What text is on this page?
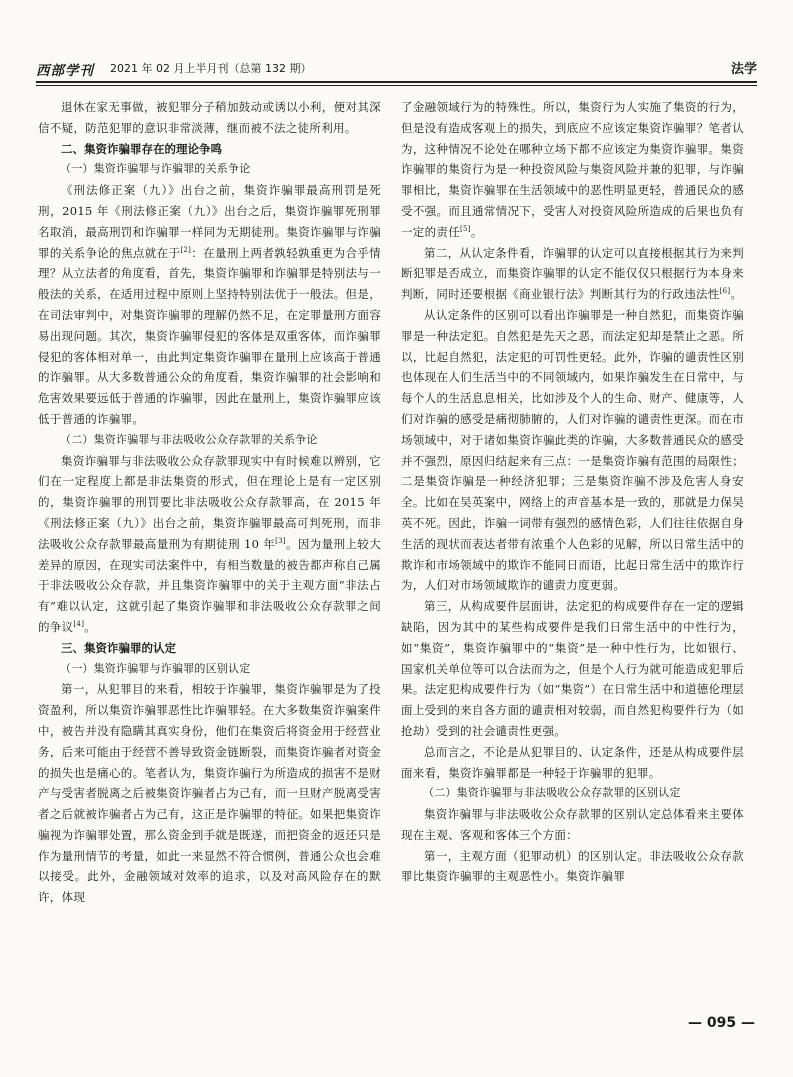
西部学刊 2021 年 02 月上半月刊（总第 132 期）	法学

退休在家无事做，被犯罪分子稍加鼓动或诱以小利，便对其深信不疑，防范犯罪的意识非常淡薄，继而被不法之徒所利用。

二、集资诈骗罪存在的理论争鸣
（一）集资诈骗罪与诈骗罪的关系争论

《刑法修正案（九）》出台之前，集资诈骗罪最高刑罚是死刑，2015 年《刑法修正案（九）》出台之后，集资诈骗罪死刑罪名取消，最高刑罚和诈骗罪一样同为无期徒刑。集资诈骗罪与诈骗罪的关系争论的焦点就在于[2]：在量刑上两者孰轻孰重更为合乎情理？从立法者的角度看，首先，集资诈骗罪和诈骗罪是特别法与一般法的关系，在适用过程中原则上坚持特别法优于一般法。但是，在司法审判中，对集资诈骗罪的理解仍然不足，在定罪量刑方面容易出现问题。其次，集资诈骗罪侵犯的客体是双重客体，而诈骗罪侵犯的客体相对单一，由此判定集资诈骗罪在量刑上应该高于普通的诈骗罪。从大多数普通公众的角度看，集资诈骗罪的社会影响和危害效果要远低于普通的诈骗罪，因此在量刑上，集资诈骗罪应该低于普通的诈骗罪。

（二）集资诈骗罪与非法吸收公众存款罪的关系争论

集资诈骗罪与非法吸收公众存款罪现实中有时候难以辨别，它们在一定程度上都是非法集资的形式，但在理论上是有一定区别的，集资诈骗罪的刑罚要比非法吸收公众存款罪高，在 2015 年《刑法修正案（九）》出台之前，集资诈骗罪最高可判死刑，而非法吸收公众存款罪最高量刑为有期徒刑 10 年[3]。因为量刑上较大差异的原因，在现实司法案件中，有相当数量的被告都声称自己属于非法吸收公众存款，并且集资诈骗罪中的关于主观方面“非法占有”难以认定，这就引起了集资诈骗罪和非法吸收公众存款罪之间的争议[4]。

三、集资诈骗罪的认定
（一）集资诈骗罪与诈骗罪的区别认定

第一，从犯罪目的来看，相较于诈骗罪，集资诈骗罪是为了投资盈利，所以集资诈骗罪恶性比诈骗罪轻。在大多数集资诈骗案件中，被告并没有隐瞒其真实身份，他们在集资后将资金用于经营业务，后来可能由于经营不善导致资金链断裂，而集资诈骗者对资金的损失也是痛心的。笔者认为，集资诈骗行为所造成的损害不是财产与受害者脱离之后被集资诈骗者占为己有，而一旦财产脱离受害者之后就被诈骗者占为己有，这正是诈骗罪的特征。如果把集资诈骗视为诈骗罪处置，那么资金到手就是既遂，而把资金的返还只是作为量刑情节的考量，如此一来显然不符合惯例，普通公众也会难以接受。此外，金融领域对效率的追求，以及对高风险存在的默许，体现

了金融领域行为的特殊性。所以，集资行为人实施了集资的行为，但是没有造成客观上的损失，到底应不应该定集资诈骗罪？笔者认为，这种情况不论处在哪种立场下都不应该定为集资诈骗罪。集资诈骗罪的集资行为是一种投资风险与集资风险并兼的犯罪，与诈骗罪相比，集资诈骗罪在生活领域中的恶性明显更轻，普通民众的感受不强。而且通常情况下，受害人对投资风险所造成的后果也负有一定的责任[5]。

第二，从认定条件看，诈骗罪的认定可以直接根据其行为来判断犯罪是否成立，而集资诈骗罪的认定不能仅仅只根据行为本身来判断，同时还要根据《商业银行法》判断其行为的行政违法性[6]。

从认定条件的区别可以看出诈骗罪是一种自然犯，而集资诈骗罪是一种法定犯。自然犯是先天之恶，而法定犯却是禁止之恶。所以，比起自然犯，法定犯的可罚性更轻。此外，诈骗的谴责性区别也体现在人们生活当中的不同领域内，如果诈骗发生在日常中，与每个人的生活息息相关，比如涉及个人的生命、财产、健康等，人们对诈骗的感受是痛彻肺腑的，人们对诈骗的谴责性更深。而在市场领域中，对于诸如集资诈骗此类的诈骗，大多数普通民众的感受并不强烈，原因归结起来有三点：一是集资诈骗有范围的局限性；二是集资诈骗是一种经济犯罪；三是集资诈骗不涉及危害人身安全。比如在吴英案中，网络上的声音基本是一致的，那就是力保吴英不死。因此，诈骗一词带有强烈的感情色彩，人们往往依据自身生活的现状而表达者带有浓重个人色彩的见解，所以日常生活中的欺诈和市场领域中的欺诈不能同日而语，比起日常生活中的欺诈行为，人们对市场领域欺诈的谴责力度更弱。

第三，从构成要件层面讲，法定犯的构成要件存在一定的逻辑缺陷，因为其中的某些构成要件是我们日常生活中的中性行为，如“集资”，集资诈骗罪中的“集资”是一种中性行为，比如银行、国家机关单位等可以合法而为之，但是个人行为就可能造成犯罪后果。法定犯构成要件行为（如“集资”）在日常生活中和道德伦理层面上受到的来自各方面的谴责相对较弱，而自然犯构要件行为（如抢劫）受到的社会谴责性更强。

总而言之，不论是从犯罪目的、认定条件，还是从构成要件层面来看，集资诈骗罪都是一种轻于诈骗罪的犯罪。

（二）集资诈骗罪与非法吸收公众存款罪的区别认定

集资诈骗罪与非法吸收公众存款罪的区别认定总体看来主要体现在主观、客观和客体三个方面：

第一，主观方面（犯罪动机）的区别认定。非法吸收公众存款罪比集资诈骗罪的主观恶性小。集资诈骗罪

— 095 —
